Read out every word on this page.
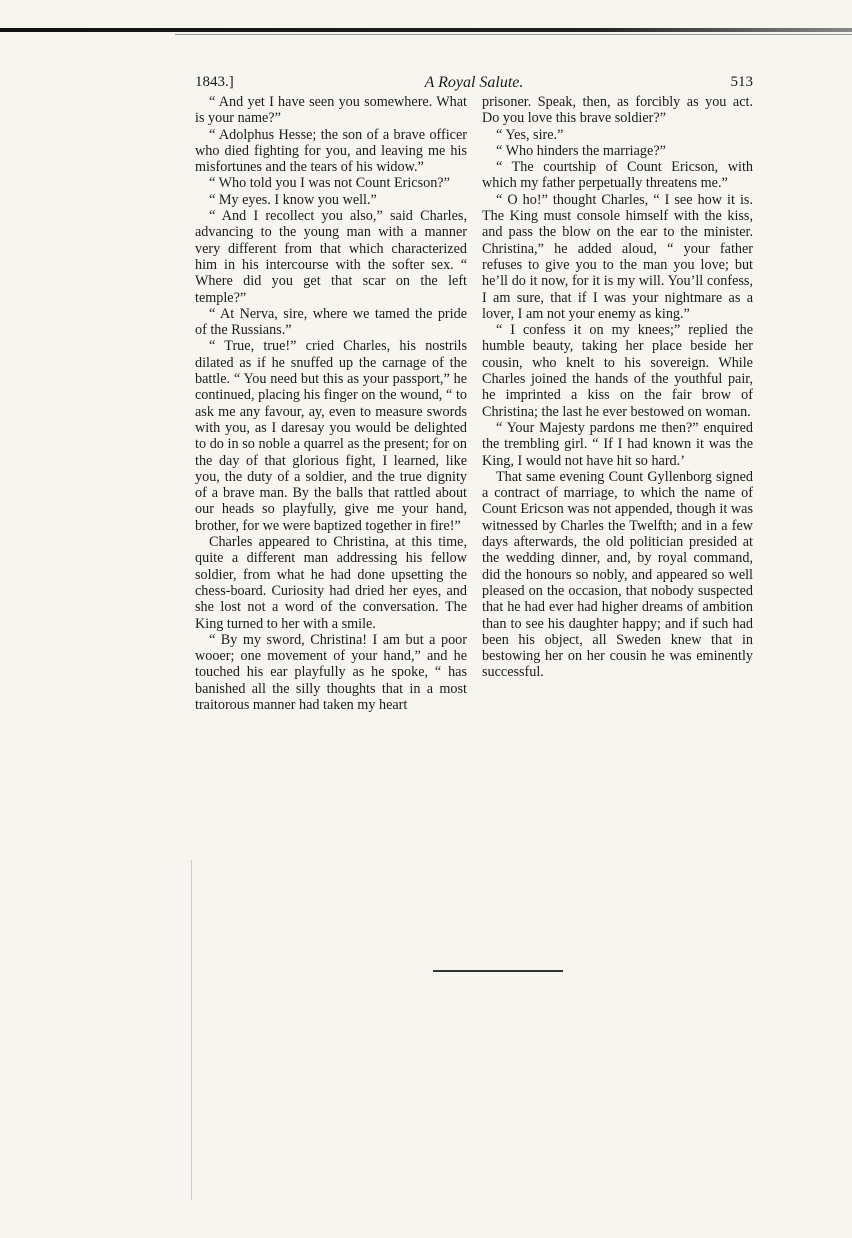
1843.]	A Royal Salute.	513

“ And yet I have seen you somewhere. What is your name?”

“ Adolphus Hesse; the son of a brave officer who died fighting for you, and leaving me his misfortunes and the tears of his widow.”

“ Who told you I was not Count Ericson?”

“ My eyes. I know you well.”

“ And I recollect you also,” said Charles, advancing to the young man with a manner very different from that which characterized him in his intercourse with the softer sex. “ Where did you get that scar on the left temple?”

“ At Nerva, sire, where we tamed the pride of the Russians.”

“ True, true!” cried Charles, his nostrils dilated as if he snuffed up the carnage of the battle. “ You need but this as your passport,” he continued, placing his finger on the wound, “ to ask me any favour, ay, even to measure swords with you, as I daresay you would be delighted to do in so noble a quarrel as the present; for on the day of that glorious fight, I learned, like you, the duty of a soldier, and the true dignity of a brave man. By the balls that rattled about our heads so playfully, give me your hand, brother, for we were baptized together in fire!”

Charles appeared to Christina, at this time, quite a different man addressing his fellow soldier, from what he had done upsetting the chess-board. Curiosity had dried her eyes, and she lost not a word of the conversation. The King turned to her with a smile.

“ By my sword, Christina! I am but a poor wooer; one movement of your hand,” and he touched his ear playfully as he spoke, “ has banished all the silly thoughts that in a most traitorous manner had taken my heart

prisoner. Speak, then, as forcibly as you act. Do you love this brave soldier?”

“ Yes, sire.”

“ Who hinders the marriage?”

“ The courtship of Count Ericson, with which my father perpetually threatens me.”

“ O ho!” thought Charles, “ I see how it is. The King must console himself with the kiss, and pass the blow on the ear to the minister. Christina,” he added aloud, “ your father refuses to give you to the man you love; but he’ll do it now, for it is my will. You’ll confess, I am sure, that if I was your nightmare as a lover, I am not your enemy as king.”

“ I confess it on my knees;” replied the humble beauty, taking her place beside her cousin, who knelt to his sovereign. While Charles joined the hands of the youthful pair, he imprinted a kiss on the fair brow of Christina; the last he ever bestowed on woman.

“ Your Majesty pardons me then?” enquired the trembling girl. “ If I had known it was the King, I would not have hit so hard.’

That same evening Count Gyllenborg signed a contract of marriage, to which the name of Count Ericson was not appended, though it was witnessed by Charles the Twelfth; and in a few days afterwards, the old politician presided at the wedding dinner, and, by royal command, did the honours so nobly, and appeared so well pleased on the occasion, that nobody suspected that he had ever had higher dreams of ambition than to see his daughter happy; and if such had been his object, all Sweden knew that in bestowing her on her cousin he was eminently successful.
